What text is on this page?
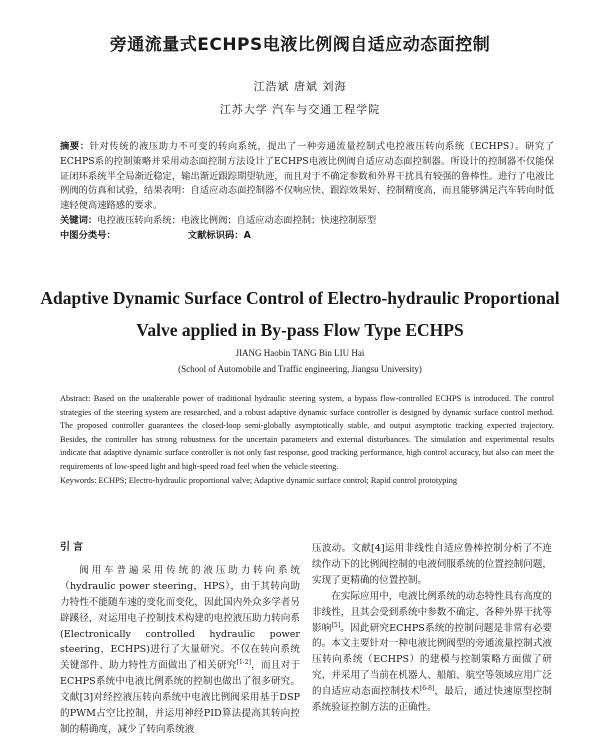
旁通流量式ECHPS电液比例阀自适应动态面控制
江浩斌 唐斌 刘海
江苏大学 汽车与交通工程学院

摘要：针对传统的液压助力不可变的转向系统，提出了一种旁通流量控制式电控液压转向系统（ECHPS）。研究了ECHPS系的控制策略并采用动态面控制方法设计了ECHPS电液比例阀自适应动态面控制器。所设计的控制器不仅能保证闭环系统半全局渐近稳定，输出渐近跟踪期望轨迹，而且对于不确定参数和外界干扰具有较强的鲁棒性。进行了电液比例阀的仿真和试验，结果表明：自适应动态面控制器不仅响应快、跟踪效果好、控制精度高，而且能够满足汽车转向时低速轻便高速路感的要求。

关键词：电控液压转向系统；电液比例阀；自适应动态面控制；快速控制原型

中图分类号：	文献标识码：A

Adaptive Dynamic Surface Control of Electro-hydraulic Proportional
Valve applied in By-pass Flow Type ECHPS
JIANG Haobin TANG Bin LIU Hai
(School of Automobile and Traffic engineering, Jiangsu University)

Abstract: Based on the unalterable power of traditional hydraulic steering system, a bypass flow-controlled ECHPS is introduced. The control strategies of the steering system are researched, and a robust adaptive dynamic surface controller is designed by dynamic surface control method. The proposed controller guarantees the closed-loop semi-globally asymptotically stable, and output asymptotic tracking expected trajectory. Besides, the controller has strong robustness for the uncertain parameters and external disturbances. The simulation and experimental results indicate that adaptive dynamic surface controller is not only fast response, good tracking performance, high control accuracy, but also can meet the requirements of low-speed light and high-speed road feel when the vehicle steering.

Keywords: ECHPS; Electro-hydraulic proportional valve; Adaptive dynamic surface control; Rapid control prototyping

引言

阀用车普遍采用传统的液压助力转向系统（hydraulic power steering，HPS），由于其转向助力特性不能随车速的变化而变化，因此国内外众多学者另辟蹊径，对运用电子控制技术构建的电控液压助力转向系(Electronically controlled hydraulic power steering，ECHPS)进行了大量研究。不仅在转向系统关键部件、助力特性方面做出了相关研究[1-2]，而且对于ECHPS系统中电液比例系统的控制也做出了很多研究。文献[3]对经控液压转向系统中电液比例阀采用基于DSP的PWM占空比控制，并运用神经PID算法提高其转向控制的精确度，减少了转向系统液

压波动。文献[4]运用非线性自适应鲁棒控制分析了不连续作动下的比例阀控制的电液伺服系统的位置控制问题，实现了更精确的位置控制。

在实际应用中，电液比例系统的动态特性具有高度的非线性，且其会受到系统中参数不确定、各种外界干扰等影响[5]。因此研究ECHPS系统的控制问题是非常有必要的。本文主要针对一种电液比例阀型的旁通流量控制式液压转向系统（ECHPS）的建模与控制策略方面做了研究，并采用了当前在机器人、船舶、航空等领域应用广泛的自适应动态面控制技术[6-8]，最后，通过快速原型控制系统验证控制方法的正确性。
